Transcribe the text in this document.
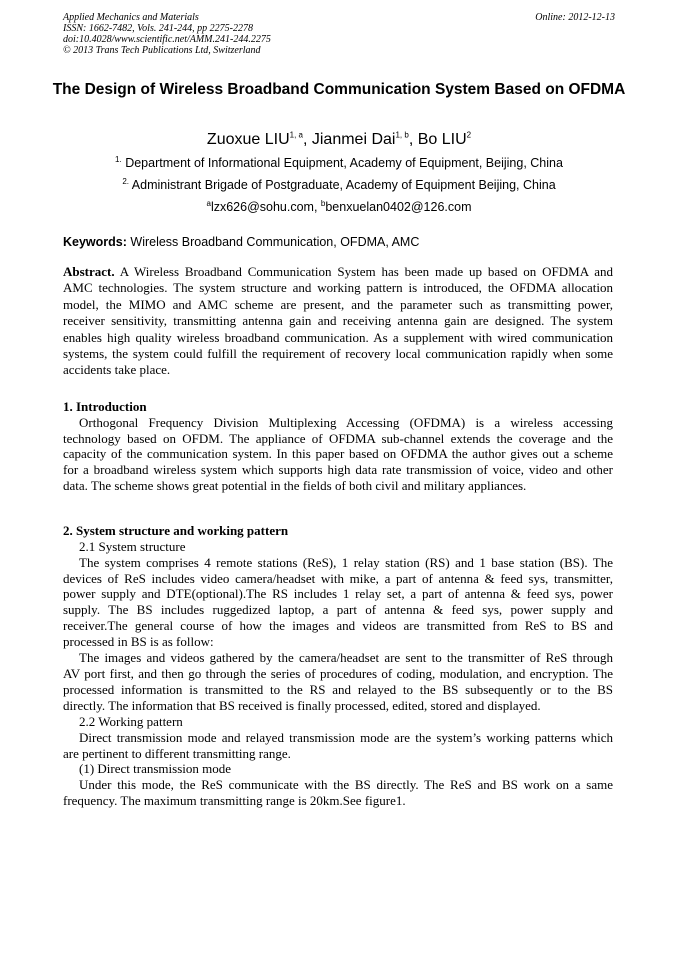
Applied Mechanics and Materials
ISSN: 1662-7482, Vols. 241-244, pp 2275-2278
doi:10.4028/www.scientific.net/AMM.241-244.2275
© 2013 Trans Tech Publications Ltd, Switzerland
Online: 2012-12-13
The Design of Wireless Broadband Communication System Based on OFDMA
Zuoxue LIU$^{1, a}$, Jianmei Dai$^{1, b}$, Bo LIU$^2$
$^{1.}$ Department of Informational Equipment, Academy of Equipment, Beijing, China
$^{2.}$ Administrant Brigade of Postgraduate, Academy of Equipment Beijing, China
$^a$lzx626@sohu.com, $^b$benxuelan0402@126.com
Keywords: Wireless Broadband Communication, OFDMA, AMC
Abstract. A Wireless Broadband Communication System has been made up based on OFDMA and
AMC technologies. The system structure and working pattern is introduced, the OFDMA allocation
model, the MIMO and AMC scheme are present, and the parameter such as transmitting power,
receiver sensitivity, transmitting antenna gain and receiving antenna gain are designed. The system
enables high quality wireless broadband communication. As a supplement with wired communication
systems, the system could fulfill the requirement of recovery local communication rapidly when some
accidents take place.
1. Introduction
Orthogonal Frequency Division Multiplexing Accessing (OFDMA) is a wireless accessing
technology based on OFDM. The appliance of OFDMA sub-channel extends the coverage and the
capacity of the communication system. In this paper based on OFDMA the author gives out a scheme
for a broadband wireless system which supports high data rate transmission of voice, video and other
data. The scheme shows great potential in the fields of both civil and military appliances.
2. System structure and working pattern
2.1 System structure
The system comprises 4 remote stations (ReS), 1 relay station (RS) and 1 base station (BS). The
devices of ReS includes video camera/headset with mike, a part of antenna & feed sys, transmitter,
power supply and DTE(optional).The RS includes 1 relay set, a part of antenna & feed sys, power
supply. The BS includes ruggedized laptop, a part of antenna & feed sys, power supply and
receiver.The general course of how the images and videos are transmitted from ReS to BS and
processed in BS is as follow:
The images and videos gathered by the camera/headset are sent to the transmitter of ReS through
AV port first, and then go through the series of procedures of coding, modulation, and encryption. The
processed information is transmitted to the RS and relayed to the BS subsequently or to the BS
directly. The information that BS received is finally processed, edited, stored and displayed.
2.2 Working pattern
Direct transmission mode and relayed transmission mode are the system’s working patterns which
are pertinent to different transmitting range.
(1) Direct transmission mode
Under this mode, the ReS communicate with the BS directly. The ReS and BS work on a same
frequency. The maximum transmitting range is 20km.See figure1.
